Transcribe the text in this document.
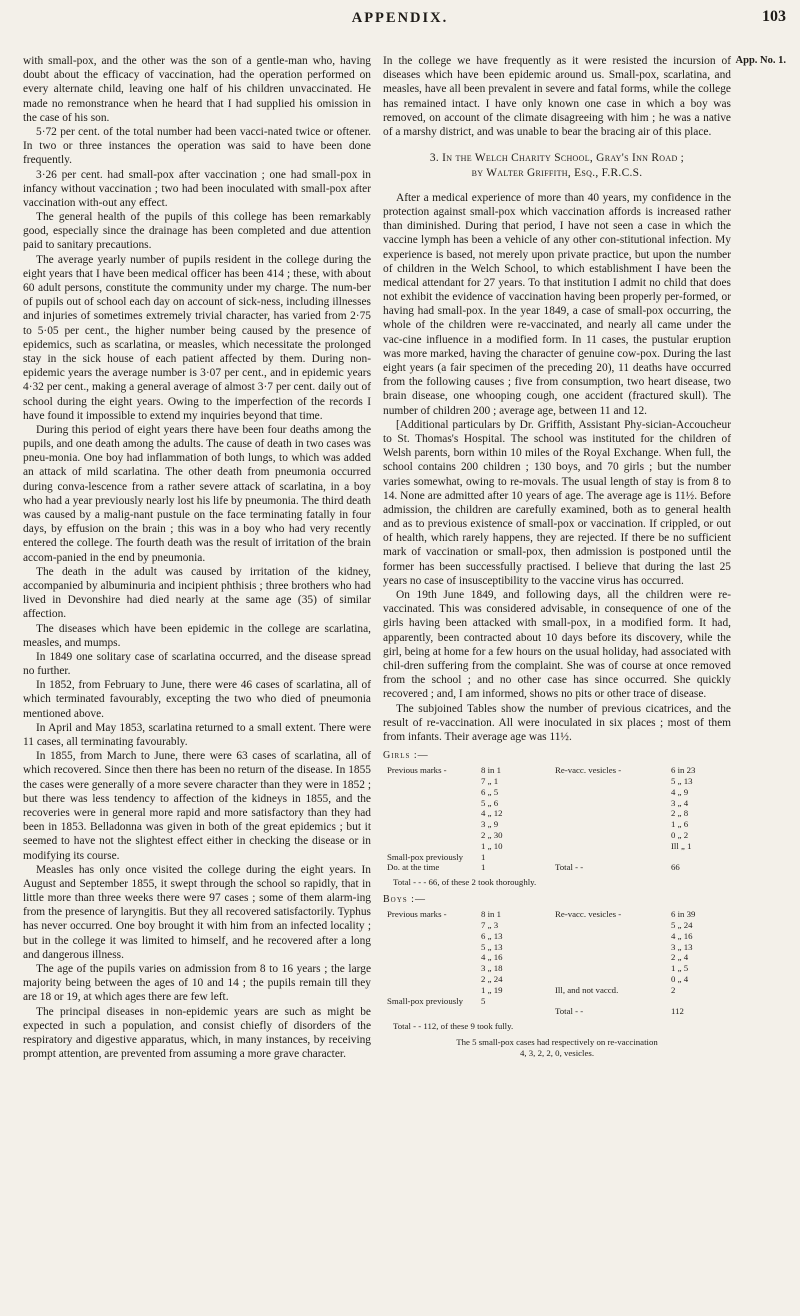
APPENDIX.	103
App. No. 1.

with small-pox, and the other was the son of a gentle-man who, having doubt about the efficacy of vaccination, had the operation performed on every alternate child, leaving one half of his children unvaccinated. He made no remonstrance when he heard that I had supplied his omission in the case of his son.

5·72 per cent. of the total number had been vacci-nated twice or oftener. In two or three instances the operation was said to have been done frequently.

3·26 per cent. had small-pox after vaccination ; one had small-pox in infancy without vaccination ; two had been inoculated with small-pox after vaccination with-out any effect.

The general health of the pupils of this college has been remarkably good, especially since the drainage has been completed and due attention paid to sanitary precautions.

The average yearly number of pupils resident in the college during the eight years that I have been medical officer has been 414 ; these, with about 60 adult persons, constitute the community under my charge. The num-ber of pupils out of school each day on account of sick-ness, including illnesses and injuries of sometimes extremely trivial character, has varied from 2·75 to 5·05 per cent., the higher number being caused by the presence of epidemics, such as scarlatina, or measles, which necessitate the prolonged stay in the sick house of each patient affected by them. During non-epidemic years the average number is 3·07 per cent., and in epidemic years 4·32 per cent., making a general average of almost 3·7 per cent. daily out of school during the eight years. Owing to the imperfection of the records I have found it impossible to extend my inquiries beyond that time.

During this period of eight years there have been four deaths among the pupils, and one death among the adults. The cause of death in two cases was pneu-monia. One boy had inflammation of both lungs, to which was added an attack of mild scarlatina. The other death from pneumonia occurred during conva-lescence from a rather severe attack of scarlatina, in a boy who had a year previously nearly lost his life by pneumonia. The third death was caused by a malig-nant pustule on the face terminating fatally in four days, by effusion on the brain ; this was in a boy who had very recently entered the college. The fourth death was the result of irritation of the brain accom-panied in the end by pneumonia.

The death in the adult was caused by irritation of the kidney, accompanied by albuminuria and incipient phthisis ; three brothers who had lived in Devonshire had died nearly at the same age (35) of similar affection.

The diseases which have been epidemic in the college are scarlatina, measles, and mumps.

In 1849 one solitary case of scarlatina occurred, and the disease spread no further.

In 1852, from February to June, there were 46 cases of scarlatina, all of which terminated favourably, excepting the two who died of pneumonia mentioned above.

In April and May 1853, scarlatina returned to a small extent. There were 11 cases, all terminating favourably.

In 1855, from March to June, there were 63 cases of scarlatina, all of which recovered. Since then there has been no return of the disease. In 1855 the cases were generally of a more severe character than they were in 1852 ; but there was less tendency to affection of the kidneys in 1855, and the recoveries were in general more rapid and more satisfactory than they had been in 1853. Belladonna was given in both of the great epidemics ; but it seemed to have not the slightest effect either in checking the disease or in modifying its course.

Measles has only once visited the college during the eight years. In August and September 1855, it swept through the school so rapidly, that in little more than three weeks there were 97 cases ; some of them alarm-ing from the presence of laryngitis. But they all recovered satisfactorily. Typhus has never occurred. One boy brought it with him from an infected locality ; but in the college it was limited to himself, and he recovered after a long and dangerous illness.

The age of the pupils varies on admission from 8 to 16 years ; the large majority being between the ages of 10 and 14 ; the pupils remain till they are 18 or 19, at which ages there are few left.

The principal diseases in non-epidemic years are such as might be expected in such a population, and consist chiefly of disorders of the respiratory and digestive apparatus, which, in many instances, by receiving prompt attention, are prevented from assuming a more grave character.

In the college we have frequently as it were resisted the incursion of diseases which have been epidemic around us. Small-pox, scarlatina, and measles, have all been prevalent in severe and fatal forms, while the college has remained intact. I have only known one case in which a boy was removed, on account of the climate disagreeing with him ; he was a native of a marshy district, and was unable to bear the bracing air of this place.

3. In the Welch Charity School, Gray's Inn Road ;
by Walter Griffith, Esq., F.R.C.S.

After a medical experience of more than 40 years, my confidence in the protection against small-pox which vaccination affords is increased rather than diminished. During that period, I have not seen a case in which the vaccine lymph has been a vehicle of any other con-stitutional infection. My experience is based, not merely upon private practice, but upon the number of children in the Welch School, to which establishment I have been the medical attendant for 27 years. To that institution I admit no child that does not exhibit the evidence of vaccination having been properly per-formed, or having had small-pox. In the year 1849, a case of small-pox occurring, the whole of the children were re-vaccinated, and nearly all came under the vac-cine influence in a modified form. In 11 cases, the pustular eruption was more marked, having the character of genuine cow-pox. During the last eight years (a fair specimen of the preceding 20), 11 deaths have occurred from the following causes ; five from consumption, two heart disease, two brain disease, one whooping cough, one accident (fractured skull). The number of children 200 ; average age, between 11 and 12.

[Additional particulars by Dr. Griffith, Assistant Phy-sician-Accoucheur to St. Thomas's Hospital. The school was instituted for the children of Welsh parents, born within 10 miles of the Royal Exchange. When full, the school contains 200 children ; 130 boys, and 70 girls ; but the number varies somewhat, owing to re-movals. The usual length of stay is from 8 to 14. None are admitted after 10 years of age. The average age is 11½. Before admission, the children are carefully examined, both as to general health and as to previous existence of small-pox or vaccination. If crippled, or out of health, which rarely happens, they are rejected. If there be no sufficient mark of vaccination or small-pox, then admission is postponed until the former has been successfully practised. I believe that during the last 25 years no case of insusceptibility to the vaccine virus has occurred.

On 19th June 1849, and following days, all the children were re-vaccinated. This was considered advisable, in consequence of one of the girls having been attacked with small-pox, in a modified form. It had, apparently, been contracted about 10 days before its discovery, while the girl, being at home for a few hours on the usual holiday, had associated with chil-dren suffering from the complaint. She was of course at once removed from the school ; and no other case has since occurred. She quickly recovered ; and, I am informed, shows no pits or other trace of disease.

The subjoined Tables show the number of previous cicatrices, and the result of re-vaccination. All were inoculated in six places ; most of them from infants. Their average age was 11½.

Girls :—
Previous marks -	8 in 1	Re-vacc. vesicles -	6 in 23
7 „ 1	5 „ 13
6 „ 5	4 „ 9
5 „ 6	3 „ 4
4 „ 12	2 „ 8
3 „ 9	1 „ 6
2 „ 30	0 „ 2
1 „ 10	Ill „ 1
Small-pox previously 1
Do. at the time	1	Total - -	66
Total - - - 66, of these 2 took thoroughly.
Boys :—
Previous marks -	8 in 1	Re-vacc. vesicles -	6 in 39
7 „ 3	5 „ 24
6 „ 13	4 „ 16
5 „ 13	3 „ 13
4 „ 16	2 „ 4
3 „ 18	1 „ 5
2 „ 24	0 „ 4
1 „ 19	Ill, and not vaccd.	2
Small-pox previously 5
Total - -	112
Total - - 112, of these 9 took fully.
The 5 small-pox cases had respectively on re-vaccination
4, 3, 2, 2, 0, vesicles.
